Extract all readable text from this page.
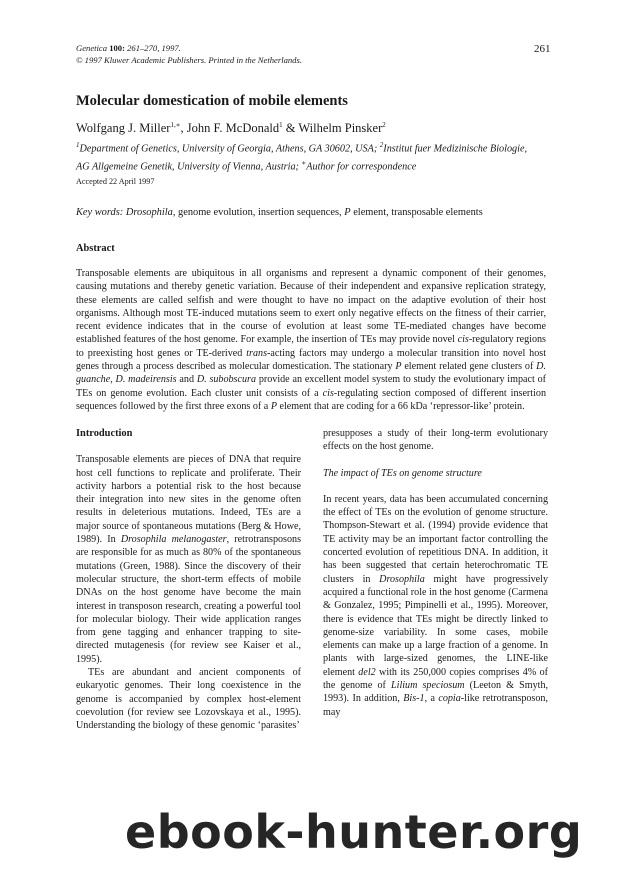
Genetica 100: 261–270, 1997.
© 1997 Kluwer Academic Publishers. Printed in the Netherlands.
261
Molecular domestication of mobile elements
Wolfgang J. Miller$^{1,∗}$, John F. McDonald$^1$ & Wilhelm Pinsker$^2$
$^1$Department of Genetics, University of Georgia, Athens, GA 30602, USA; $^2$Institut fuer Medizinische Biologie,
AG Allgemeine Genetik, University of Vienna, Austria; ∗Author for correspondence
Accepted 22 April 1997
Key words: Drosophila, genome evolution, insertion sequences, P element, transposable elements
Abstract
Transposable elements are ubiquitous in all organisms and represent a dynamic component of their genomes, causing mutations and thereby genetic variation. Because of their independent and expansive replication strategy, these elements are called selfish and were thought to have no impact on the adaptive evolution of their host organisms. Although most TE-induced mutations seem to exert only negative effects on the fitness of their carrier, recent evidence indicates that in the course of evolution at least some TE-mediated changes have become established features of the host genome. For example, the insertion of TEs may provide novel cis-regulatory regions to preexisting host genes or TE-derived trans-acting factors may undergo a molecular transition into novel host genes through a process described as molecular domestication. The stationary P element related gene clusters of D. guanche, D. madeirensis and D. subobscura provide an excellent model system to study the evolutionary impact of TEs on genome evolution. Each cluster unit consists of a cis-regulating section composed of different insertion sequences followed by the first three exons of a P element that are coding for a 66 kDa ‘repressor-like’ protein.
Introduction

Transposable elements are pieces of DNA that require host cell functions to replicate and proliferate. Their activity harbors a potential risk to the host because their integration into new sites in the genome often results in deleterious mutations. Indeed, TEs are a major source of spontaneous mutations (Berg & Howe, 1989). In Drosophila melanogaster, retrotransposons are responsible for as much as 80% of the spontaneous mutations (Green, 1988). Since the discovery of their molecular structure, the short-term effects of mobile DNAs on the host genome have become the main interest in transposon research, creating a powerful tool for molecular biology. Their wide application ranges from gene tagging and enhancer trapping to site-directed mutagenesis (for review see Kaiser et al., 1995).

TEs are abundant and ancient components of eukaryotic genomes. Their long coexistence in the genome is accompanied by complex host-element coevolution (for review see Lozovskaya et al., 1995). Understanding the biology of these genomic ‘parasites’

presupposes a study of their long-term evolutionary effects on the host genome.

The impact of TEs on genome structure

In recent years, data has been accumulated concerning the effect of TEs on the evolution of genome structure. Thompson-Stewart et al. (1994) provide evidence that TE activity may be an important factor controlling the concerted evolution of repetitious DNA. In addition, it has been suggested that certain heterochromatic TE clusters in Drosophila might have progressively acquired a functional role in the host genome (Carmena & Gonzalez, 1995; Pimpinelli et al., 1995). Moreover, there is evidence that TEs might be directly linked to genome-size variability. In some cases, mobile elements can make up a large fraction of a genome. In plants with large-sized genomes, the LINE-like element del2 with its 250,000 copies comprises 4% of the genome of Lilium speciosum (Leeton & Smyth, 1993). In addition, Bis-1, a copia-like retrotransposon, may

ebook-hunter.org
